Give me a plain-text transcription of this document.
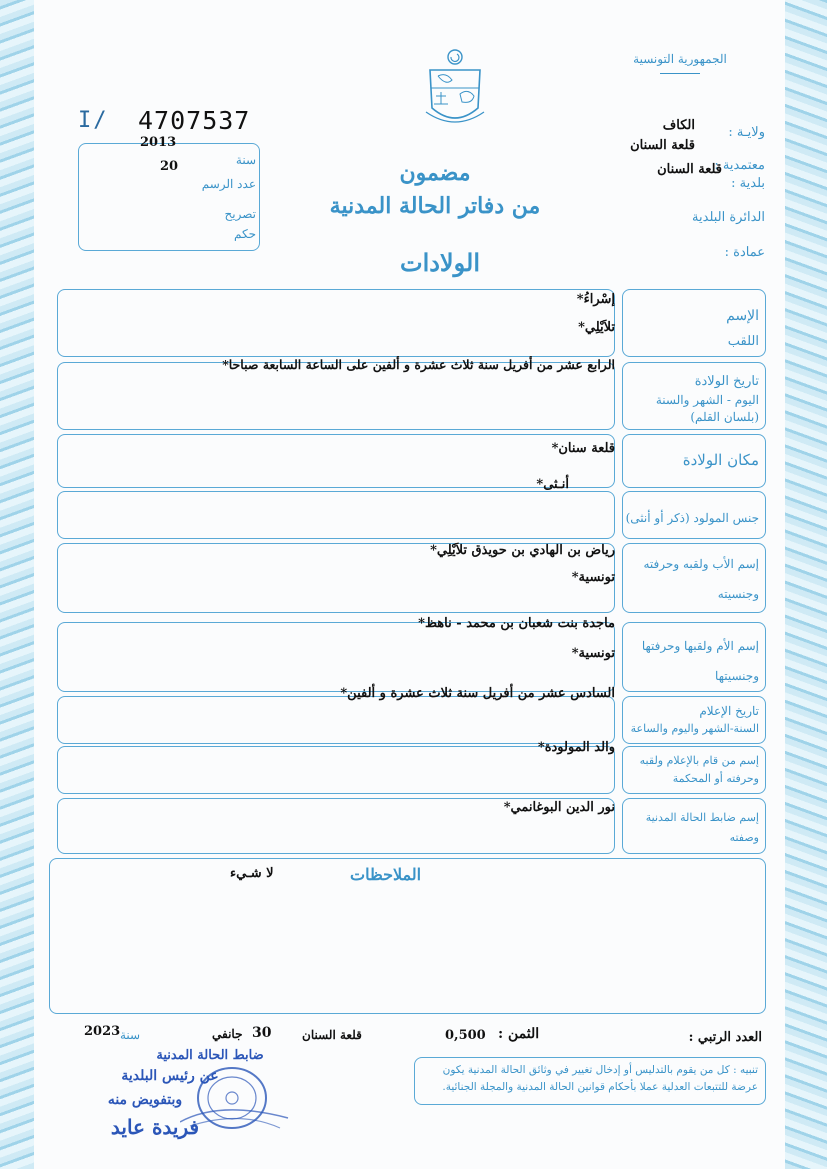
الجمهورية التونسية
I/ 4707537
2013
20	سنة
عدد الرسم
تصريح
حكم
ولايـة :
الكاف
قلعة السنان
معتمدية :
قلعة السنان
بلدية :
الدائرة البلدية
عمادة :
مضمون
من دفاتر الحالة المدنية
الولادات
الإسم
اللقب
إسْراءُ*
تلاَيْلِي*
تاريخ الولادة
اليوم - الشهر والسنة
(بلسان القلم)
الرابع عشر من أفريل سنة ثلاث عشرة و ألفين على الساعة السابعة صباحا*
مكان الولادة
قلعة سنان*
جنس المولود (ذكر أو أنثى)
أنـثى*
إسم الأب ولقبه وحرفته
وجنسيته
رياض بن الهادي بن حويذق تلاَيْلِي*
تونسية*
إسم الأم ولقبها وحرفتها
وجنسيتها
ماجدة بنت شعبان بن محمد - ناهظ*
تونسية*
تاريخ الإعلام
السنة-الشهر واليوم والساعة
السادس عشر من أفريل سنة ثلاث عشرة و ألفين*
إسم من قام بالإعلام ولقبه
وحرفته أو المحكمة
والد المولودة*
إسم ضابط الحالة المدنية
وصفته
نور الدين البوغانمي*
الملاحظات
لا شـيء
العدد الرتبي :
الثمن :
0,500
قلعة السنان
30
جانفي
سنة
2023
ضابط الحالة المدنية
عن رئيس البلدية
وبتفويض منه
فريدة عايد
تنبيه : كل من يقوم بالتدليس أو إدخال تغيير في وثائق الحالة المدنية يكون عرضة للتتبعات العدلية عملا بأحكام قوانين الحالة المدنية والمجلة الجنائية.
